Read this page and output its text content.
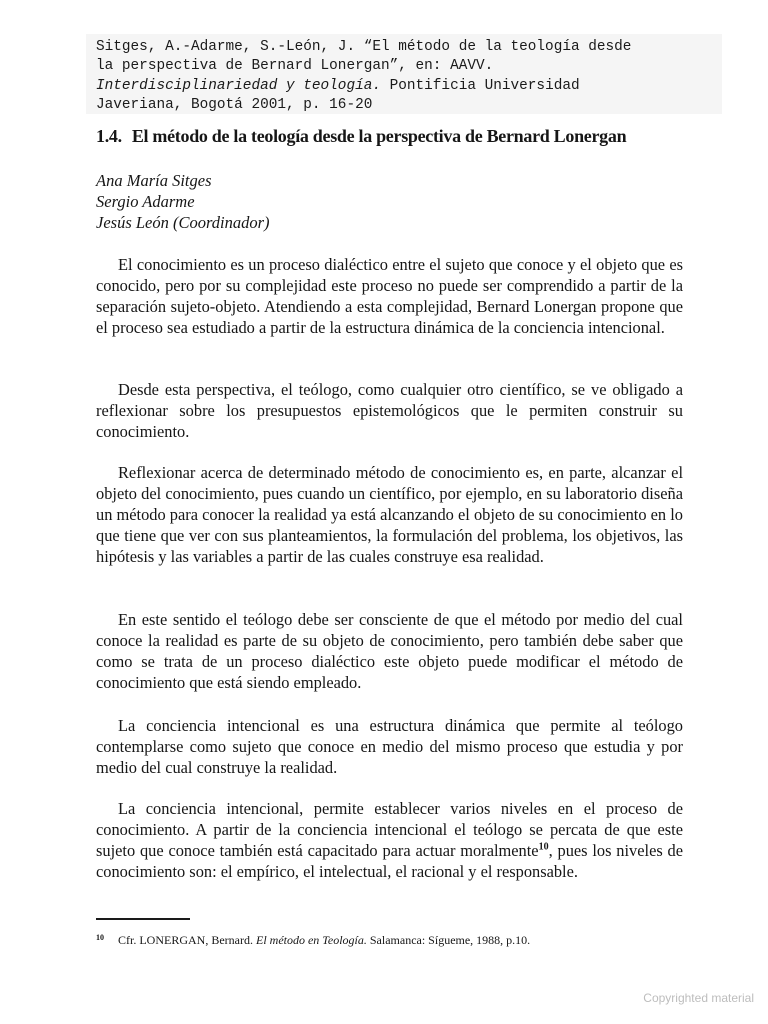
Sitges, A.-Adarme, S.-León, J. “El método de la teología desde
la perspectiva de Bernard Lonergan”, en: AAVV.
Interdisciplinariedad y teología. Pontificia Universidad
Javeriana, Bogotá 2001, p. 16-20

1.4. El método de la teología desde la perspectiva de Bernard Lonergan
Ana María Sitges
Sergio Adarme
Jesús León (Coordinador)

El conocimiento es un proceso dialéctico entre el sujeto que conoce y el objeto que es conocido, pero por su complejidad este proceso no puede ser comprendido a partir de la separación sujeto-objeto. Atendiendo a esta complejidad, Bernard Lonergan propone que el proceso sea estudiado a partir de la estructura dinámica de la conciencia intencional.

Desde esta perspectiva, el teólogo, como cualquier otro científico, se ve obligado a reflexionar sobre los presupuestos epistemológicos que le permiten construir su conocimiento.

Reflexionar acerca de determinado método de conocimiento es, en parte, alcanzar el objeto del conocimiento, pues cuando un científico, por ejemplo, en su laboratorio diseña un método para conocer la realidad ya está alcanzando el objeto de su conocimiento en lo que tiene que ver con sus planteamientos, la formulación del problema, los objetivos, las hipótesis y las variables a partir de las cuales construye esa realidad.

En este sentido el teólogo debe ser consciente de que el método por medio del cual conoce la realidad es parte de su objeto de conocimiento, pero también debe saber que como se trata de un proceso dialéctico este objeto puede modificar el método de conocimiento que está siendo empleado.

La conciencia intencional es una estructura dinámica que permite al teólogo contemplarse como sujeto que conoce en medio del mismo proceso que estudia y por medio del cual construye la realidad.

La conciencia intencional, permite establecer varios niveles en el proceso de conocimiento. A partir de la conciencia intencional el teólogo se percata de que este sujeto que conoce también está capacitado para actuar moralmente$^{10}$, pues los niveles de conocimiento son: el empírico, el intelectual, el racional y el responsable.

$^{10}$ Cfr. LONERGAN, Bernard. El método en Teología. Salamanca: Sígueme, 1988, p.10.

Copyrighted material
